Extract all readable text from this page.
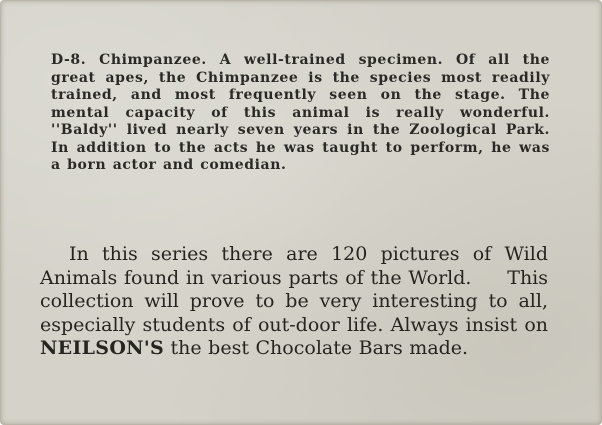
D-8. Chimpanzee. A well-trained specimen. Of all the great apes, the Chimpanzee is the species most readily trained, and most frequently seen on the stage. The mental capacity of this animal is really wonderful. ''Baldy'' lived nearly seven years in the Zoological Park. In addition to the acts he was taught to perform, he was a born actor and comedian.

In this series there are 120 pictures of Wild Animals found in various parts of the World. This collection will prove to be very interesting to all, especially students of out-door life. Always insist on NEILSON'S the best Chocolate Bars made.
